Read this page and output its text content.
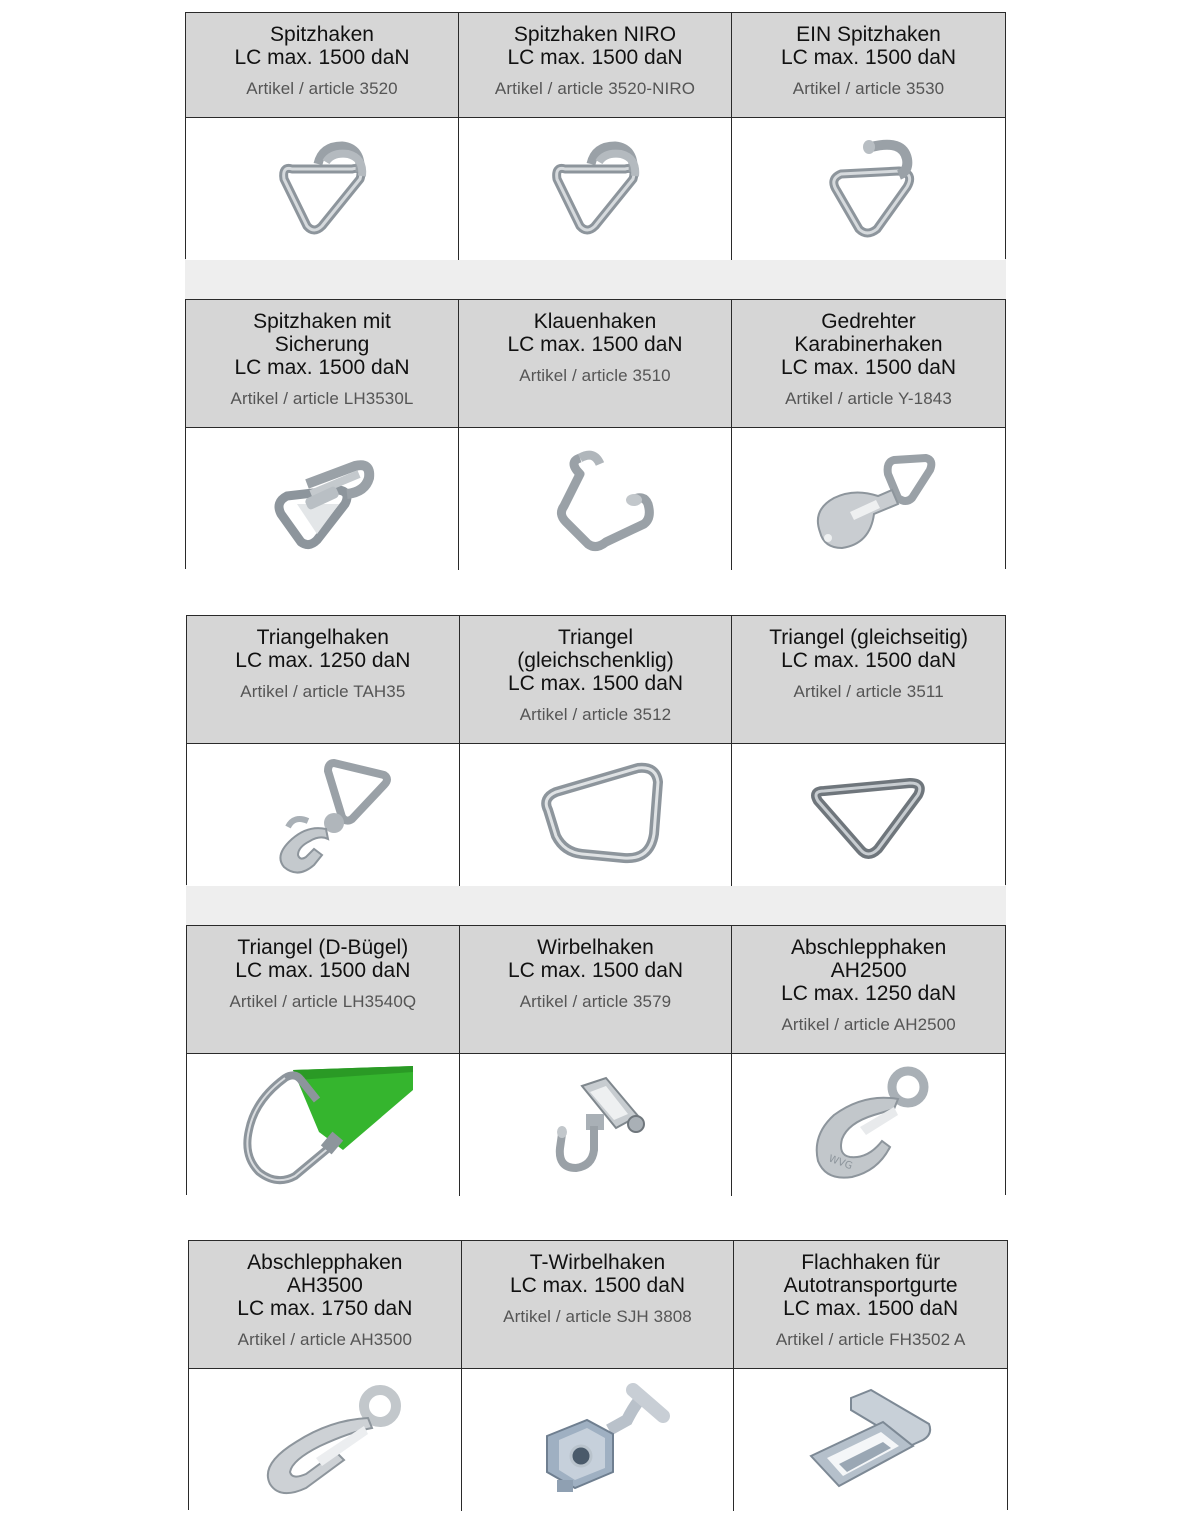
Spitzhaken
LC max. 1500 daN
Artikel / article 3520
Spitzhaken NIRO
LC max. 1500 daN
Artikel / article 3520-NIRO
EIN Spitzhaken
LC max. 1500 daN
Artikel / article 3530
Spitzhaken mit
Sicherung
LC max. 1500 daN
Artikel / article LH3530L
Klauenhaken
LC max. 1500 daN
Artikel / article 3510
Gedrehter
Karabinerhaken
LC max. 1500 daN
Artikel / article Y-1843
Triangelhaken
LC max. 1250 daN
Artikel / article TAH35
Triangel
(gleichschenklig)
LC max. 1500 daN
Artikel / article 3512
Triangel (gleichseitig)
LC max. 1500 daN
Artikel / article 3511
Triangel (D-Bügel)
LC max. 1500 daN
Artikel / article LH3540Q
Wirbelhaken
LC max. 1500 daN
Artikel / article 3579
Abschlepphaken
AH2500
LC max. 1250 daN
Artikel / article AH2500
WVG
Abschlepphaken
AH3500
LC max. 1750 daN
Artikel / article AH3500
T-Wirbelhaken
LC max. 1500 daN
Artikel / article SJH 3808
Flachhaken für
Autotransportgurte
LC max. 1500 daN
Artikel / article FH3502 A
